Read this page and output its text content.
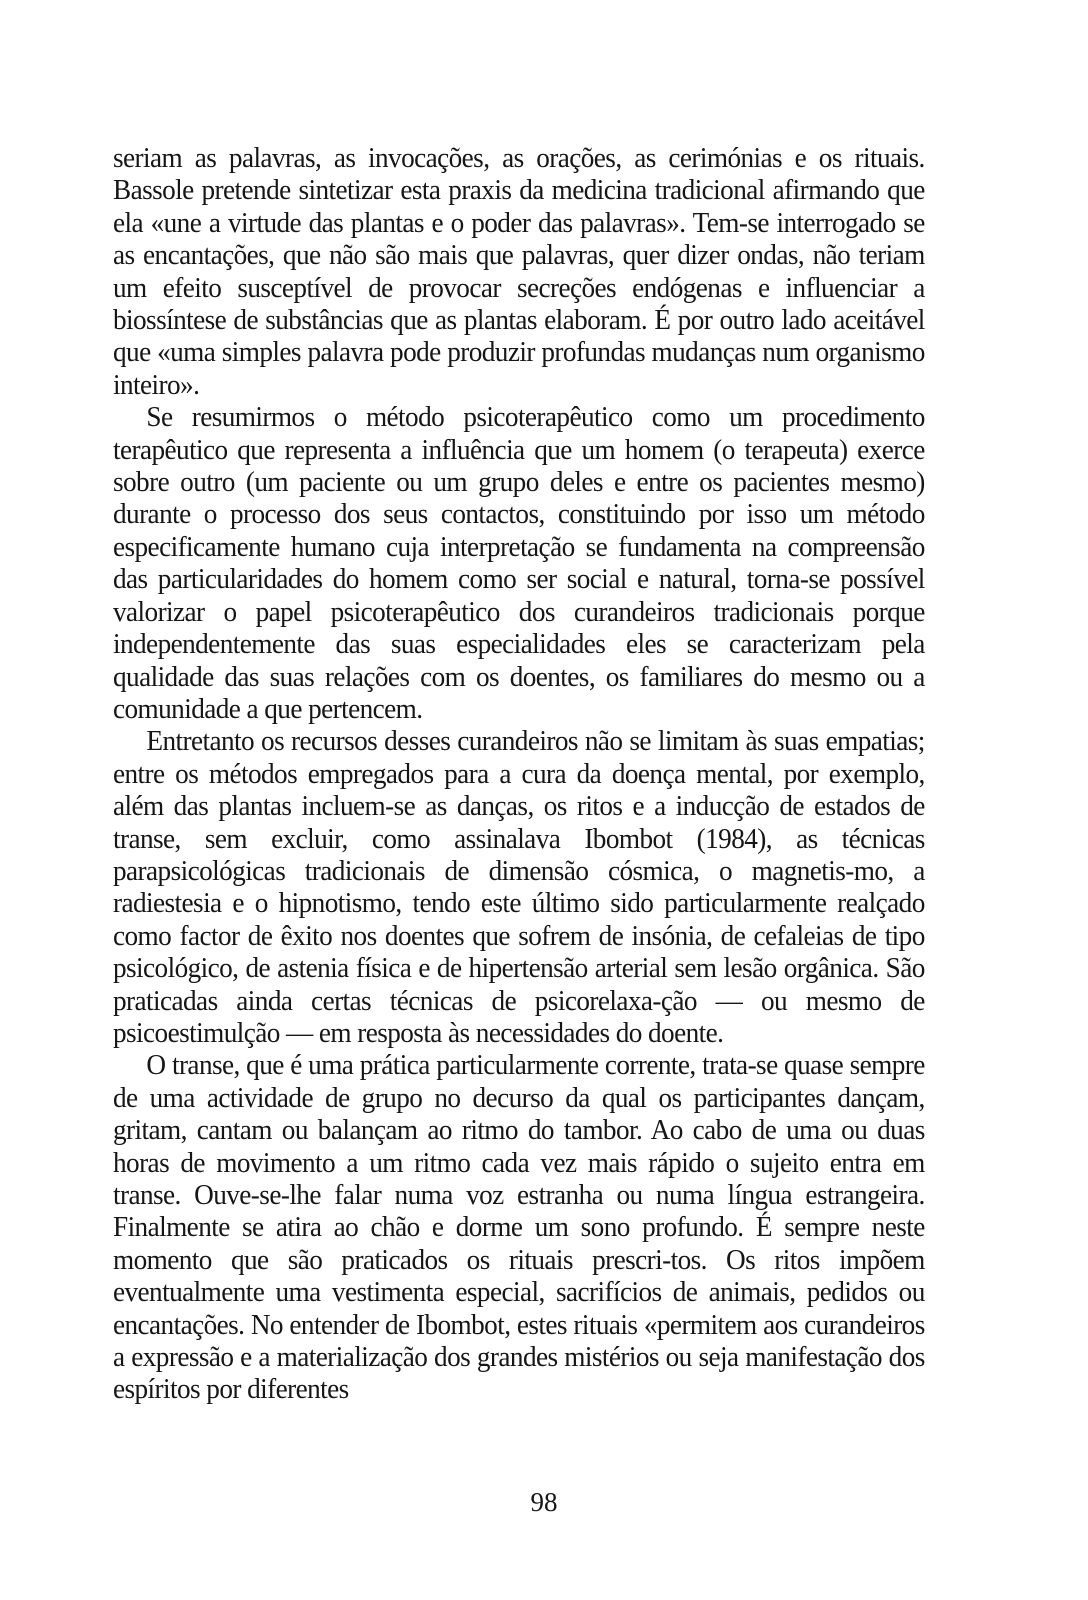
seriam as palavras, as invocações, as orações, as cerimónias e os rituais. Bassole pretende sintetizar esta praxis da medicina tradicional afirmando que ela «une a virtude das plantas e o poder das palavras». Tem-se interrogado se as encantações, que não são mais que palavras, quer dizer ondas, não teriam um efeito susceptível de provocar secreções endógenas e influenciar a biossíntese de substâncias que as plantas elaboram. É por outro lado aceitável que «uma simples palavra pode produzir profundas mudanças num organismo inteiro».

Se resumirmos o método psicoterapêutico como um procedimento terapêutico que representa a influência que um homem (o terapeuta) exerce sobre outro (um paciente ou um grupo deles e entre os pacientes mesmo) durante o processo dos seus contactos, constituindo por isso um método especificamente humano cuja interpretação se fundamenta na compreensão das particularidades do homem como ser social e natural, torna-se possível valorizar o papel psicoterapêutico dos curandeiros tradicionais porque independentemente das suas especialidades eles se caracterizam pela qualidade das suas relações com os doentes, os familiares do mesmo ou a comunidade a que pertencem.

Entretanto os recursos desses curandeiros não se limitam às suas empatias; entre os métodos empregados para a cura da doença mental, por exemplo, além das plantas incluem-se as danças, os ritos e a inducção de estados de transe, sem excluir, como assinalava Ibombot (1984), as técnicas parapsicológicas tradicionais de dimensão cósmica, o magnetis-mo, a radiestesia e o hipnotismo, tendo este último sido particularmente realçado como factor de êxito nos doentes que sofrem de insónia, de cefaleias de tipo psicológico, de astenia física e de hipertensão arterial sem lesão orgânica. São praticadas ainda certas técnicas de psicorelaxa-ção — ou mesmo de psicoestimulção — em resposta às necessidades do doente.

O transe, que é uma prática particularmente corrente, trata-se quase sempre de uma actividade de grupo no decurso da qual os participantes dançam, gritam, cantam ou balançam ao ritmo do tambor. Ao cabo de uma ou duas horas de movimento a um ritmo cada vez mais rápido o sujeito entra em transe. Ouve-se-lhe falar numa voz estranha ou numa língua estrangeira. Finalmente se atira ao chão e dorme um sono profundo. É sempre neste momento que são praticados os rituais prescri-tos. Os ritos impõem eventualmente uma vestimenta especial, sacrifícios de animais, pedidos ou encantações. No entender de Ibombot, estes rituais «permitem aos curandeiros a expressão e a materialização dos grandes mistérios ou seja manifestação dos espíritos por diferentes

98
